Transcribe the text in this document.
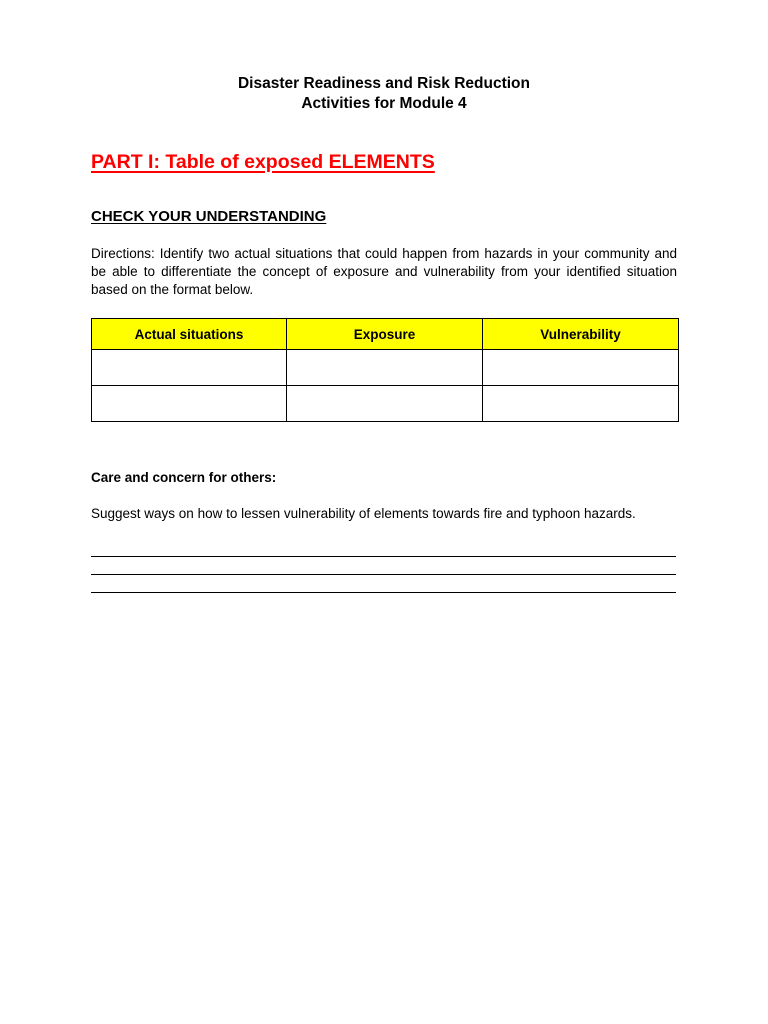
Disaster Readiness and Risk Reduction
Activities for Module 4
PART I: Table of exposed ELEMENTS
CHECK YOUR UNDERSTANDING
Directions: Identify two actual situations that could happen from hazards in your community and be able to differentiate the concept of exposure and vulnerability from your identified situation based on the format below.
Actual situations	Exposure	Vulnerability

Care and concern for others:
Suggest ways on how to lessen vulnerability of elements towards fire and typhoon hazards.
